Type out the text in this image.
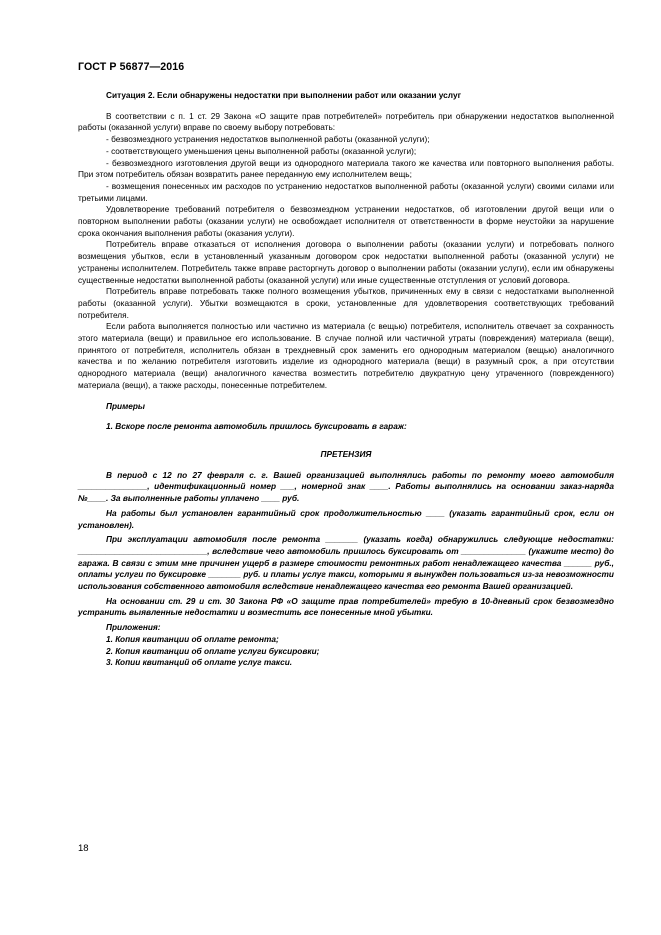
ГОСТ Р 56877—2016

Ситуация 2. Если обнаружены недостатки при выполнении работ или оказании услуг

В соответствии с п. 1 ст. 29 Закона «О защите прав потребителей» потребитель при обнаружении недостатков выполненной работы (оказанной услуги) вправе по своему выбору потребовать:

- безвозмездного устранения недостатков выполненной работы (оказанной услуги);

- соответствующего уменьшения цены выполненной работы (оказанной услуги);

- безвозмездного изготовления другой вещи из однородного материала такого же качества или повторного выполнения работы. При этом потребитель обязан возвратить ранее переданную ему исполнителем вещь;

- возмещения понесенных им расходов по устранению недостатков выполненной работы (оказанной услуги) своими силами или третьими лицами.

Удовлетворение требований потребителя о безвозмездном устранении недостатков, об изготовлении другой вещи или о повторном выполнении работы (оказании услуги) не освобождает исполнителя от ответственности в форме неустойки за нарушение срока окончания выполнения работы (оказания услуги).

Потребитель вправе отказаться от исполнения договора о выполнении работы (оказании услуги) и потребовать полного возмещения убытков, если в установленный указанным договором срок недостатки выполненной работы (оказанной услуги) не устранены исполнителем. Потребитель также вправе расторгнуть договор о выполнении работы (оказании услуги), если им обнаружены существенные недостатки выполненной работы (оказанной услуги) или иные существенные отступления от условий договора.

Потребитель вправе потребовать также полного возмещения убытков, причиненных ему в связи с недостатками выполненной работы (оказанной услуги). Убытки возмещаются в сроки, установленные для удовлетворения соответствующих требований потребителя.

Если работа выполняется полностью или частично из материала (с вещью) потребителя, исполнитель отвечает за сохранность этого материала (вещи) и правильное его использование. В случае полной или частичной утраты (повреждения) материала (вещи), принятого от потребителя, исполнитель обязан в трехдневный срок заменить его однородным материалом (вещью) аналогичного качества и по желанию потребителя изготовить изделие из однородного материала (вещи) в разумный срок, а при отсутствии однородного материала (вещи) аналогичного качества возместить потребителю двукратную цену утраченного (поврежденного) материала (вещи), а также расходы, понесенные потребителем.

Примеры

1. Вскоре после ремонта автомобиль пришлось буксировать в гараж:

ПРЕТЕНЗИЯ

В период с 12 по 27 февраля с. г. Вашей организацией выполнялись работы по ремонту моего автомобиля _______________, идентификационный номер ___, номерной знак ____. Работы выполнялись на основании заказ-наряда №____. За выполненные работы уплачено ____ руб.

На работы был установлен гарантийный срок продолжительностью ____ (указать гарантийный срок, если он установлен).

При эксплуатации автомобиля после ремонта _______ (указать когда) обнаружились следующие недостатки: ____________________________, вследствие чего автомобиль пришлось буксировать от ______________ (укажите место) до гаража. В связи с этим мне причинен ущерб в размере стоимости ремонтных работ ненадлежащего качества ______ руб., оплаты услуги по буксировке _______ руб. и платы услуг такси, которыми я вынужден пользоваться из-за невозможности использования собственного автомобиля вследствие ненадлежащего качества его ремонта Вашей организацией.

На основании ст. 29 и ст. 30 Закона РФ «О защите прав потребителей» требую в 10-дневный срок безвозмездно устранить выявленные недостатки и возместить все понесенные мной убытки.

Приложения:

1. Копия квитанции об оплате ремонта;

2. Копия квитанции об оплате услуги буксировки;

3. Копии квитанций об оплате услуг такси.

18
